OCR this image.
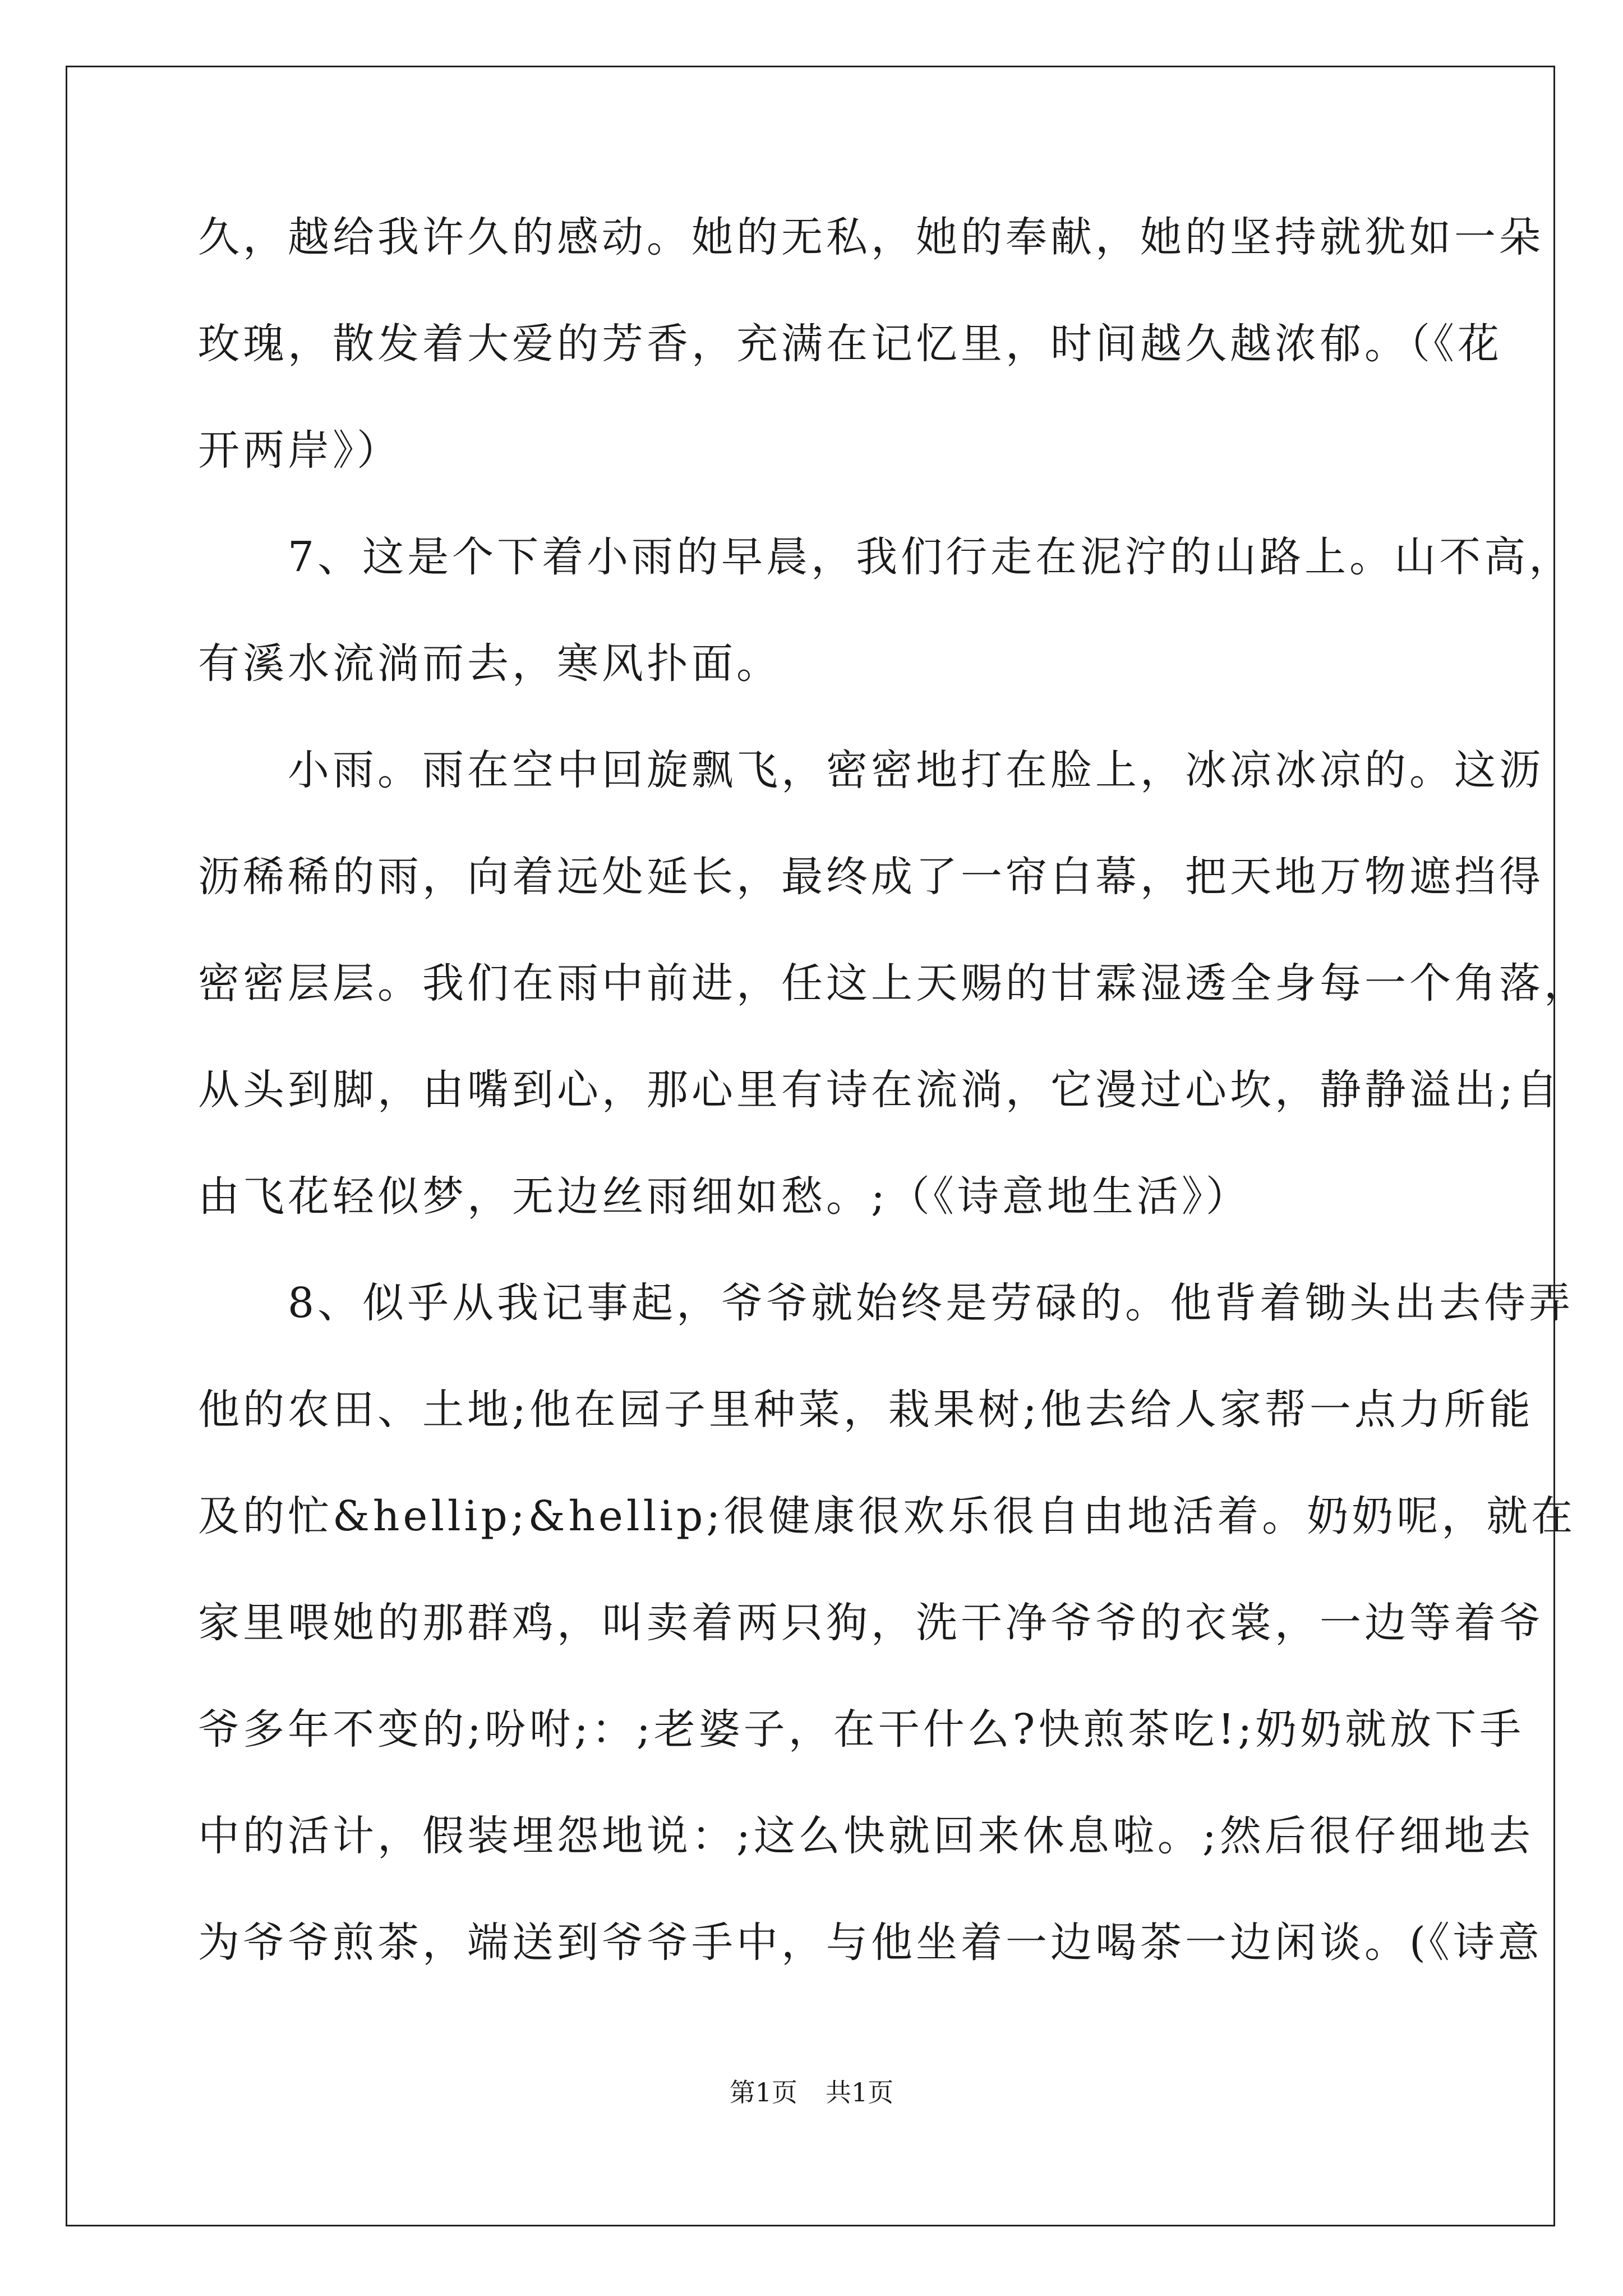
久，越给我许久的感动。她的无私，她的奉献，她的坚持就犹如一朵
玫瑰，散发着大爱的芳香，充满在记忆里，时间越久越浓郁。（《花
开两岸》）
　　7、这是个下着小雨的早晨，我们行走在泥泞的山路上。山不高，
有溪水流淌而去，寒风扑面。
　　小雨。雨在空中回旋飘飞，密密地打在脸上，冰凉冰凉的。这沥
沥稀稀的雨，向着远处延长，最终成了一帘白幕，把天地万物遮挡得
密密层层。我们在雨中前进，任这上天赐的甘霖湿透全身每一个角落，
从头到脚，由嘴到心，那心里有诗在流淌，它漫过心坎，静静溢出;自
由飞花轻似梦，无边丝雨细如愁。;（《诗意地生活》）
　　8、似乎从我记事起，爷爷就始终是劳碌的。他背着锄头出去侍弄
他的农田、土地;他在园子里种菜，栽果树;他去给人家帮一点力所能
及的忙&hellip;&hellip;很健康很欢乐很自由地活着。奶奶呢，就在
家里喂她的那群鸡，叫卖着两只狗，洗干净爷爷的衣裳，一边等着爷
爷多年不变的;吩咐;：;老婆子，在干什么?快煎茶吃!;奶奶就放下手
中的活计，假装埋怨地说：;这么快就回来休息啦。;然后很仔细地去
为爷爷煎茶，端送到爷爷手中，与他坐着一边喝茶一边闲谈。(《诗意
第1页 共1页
